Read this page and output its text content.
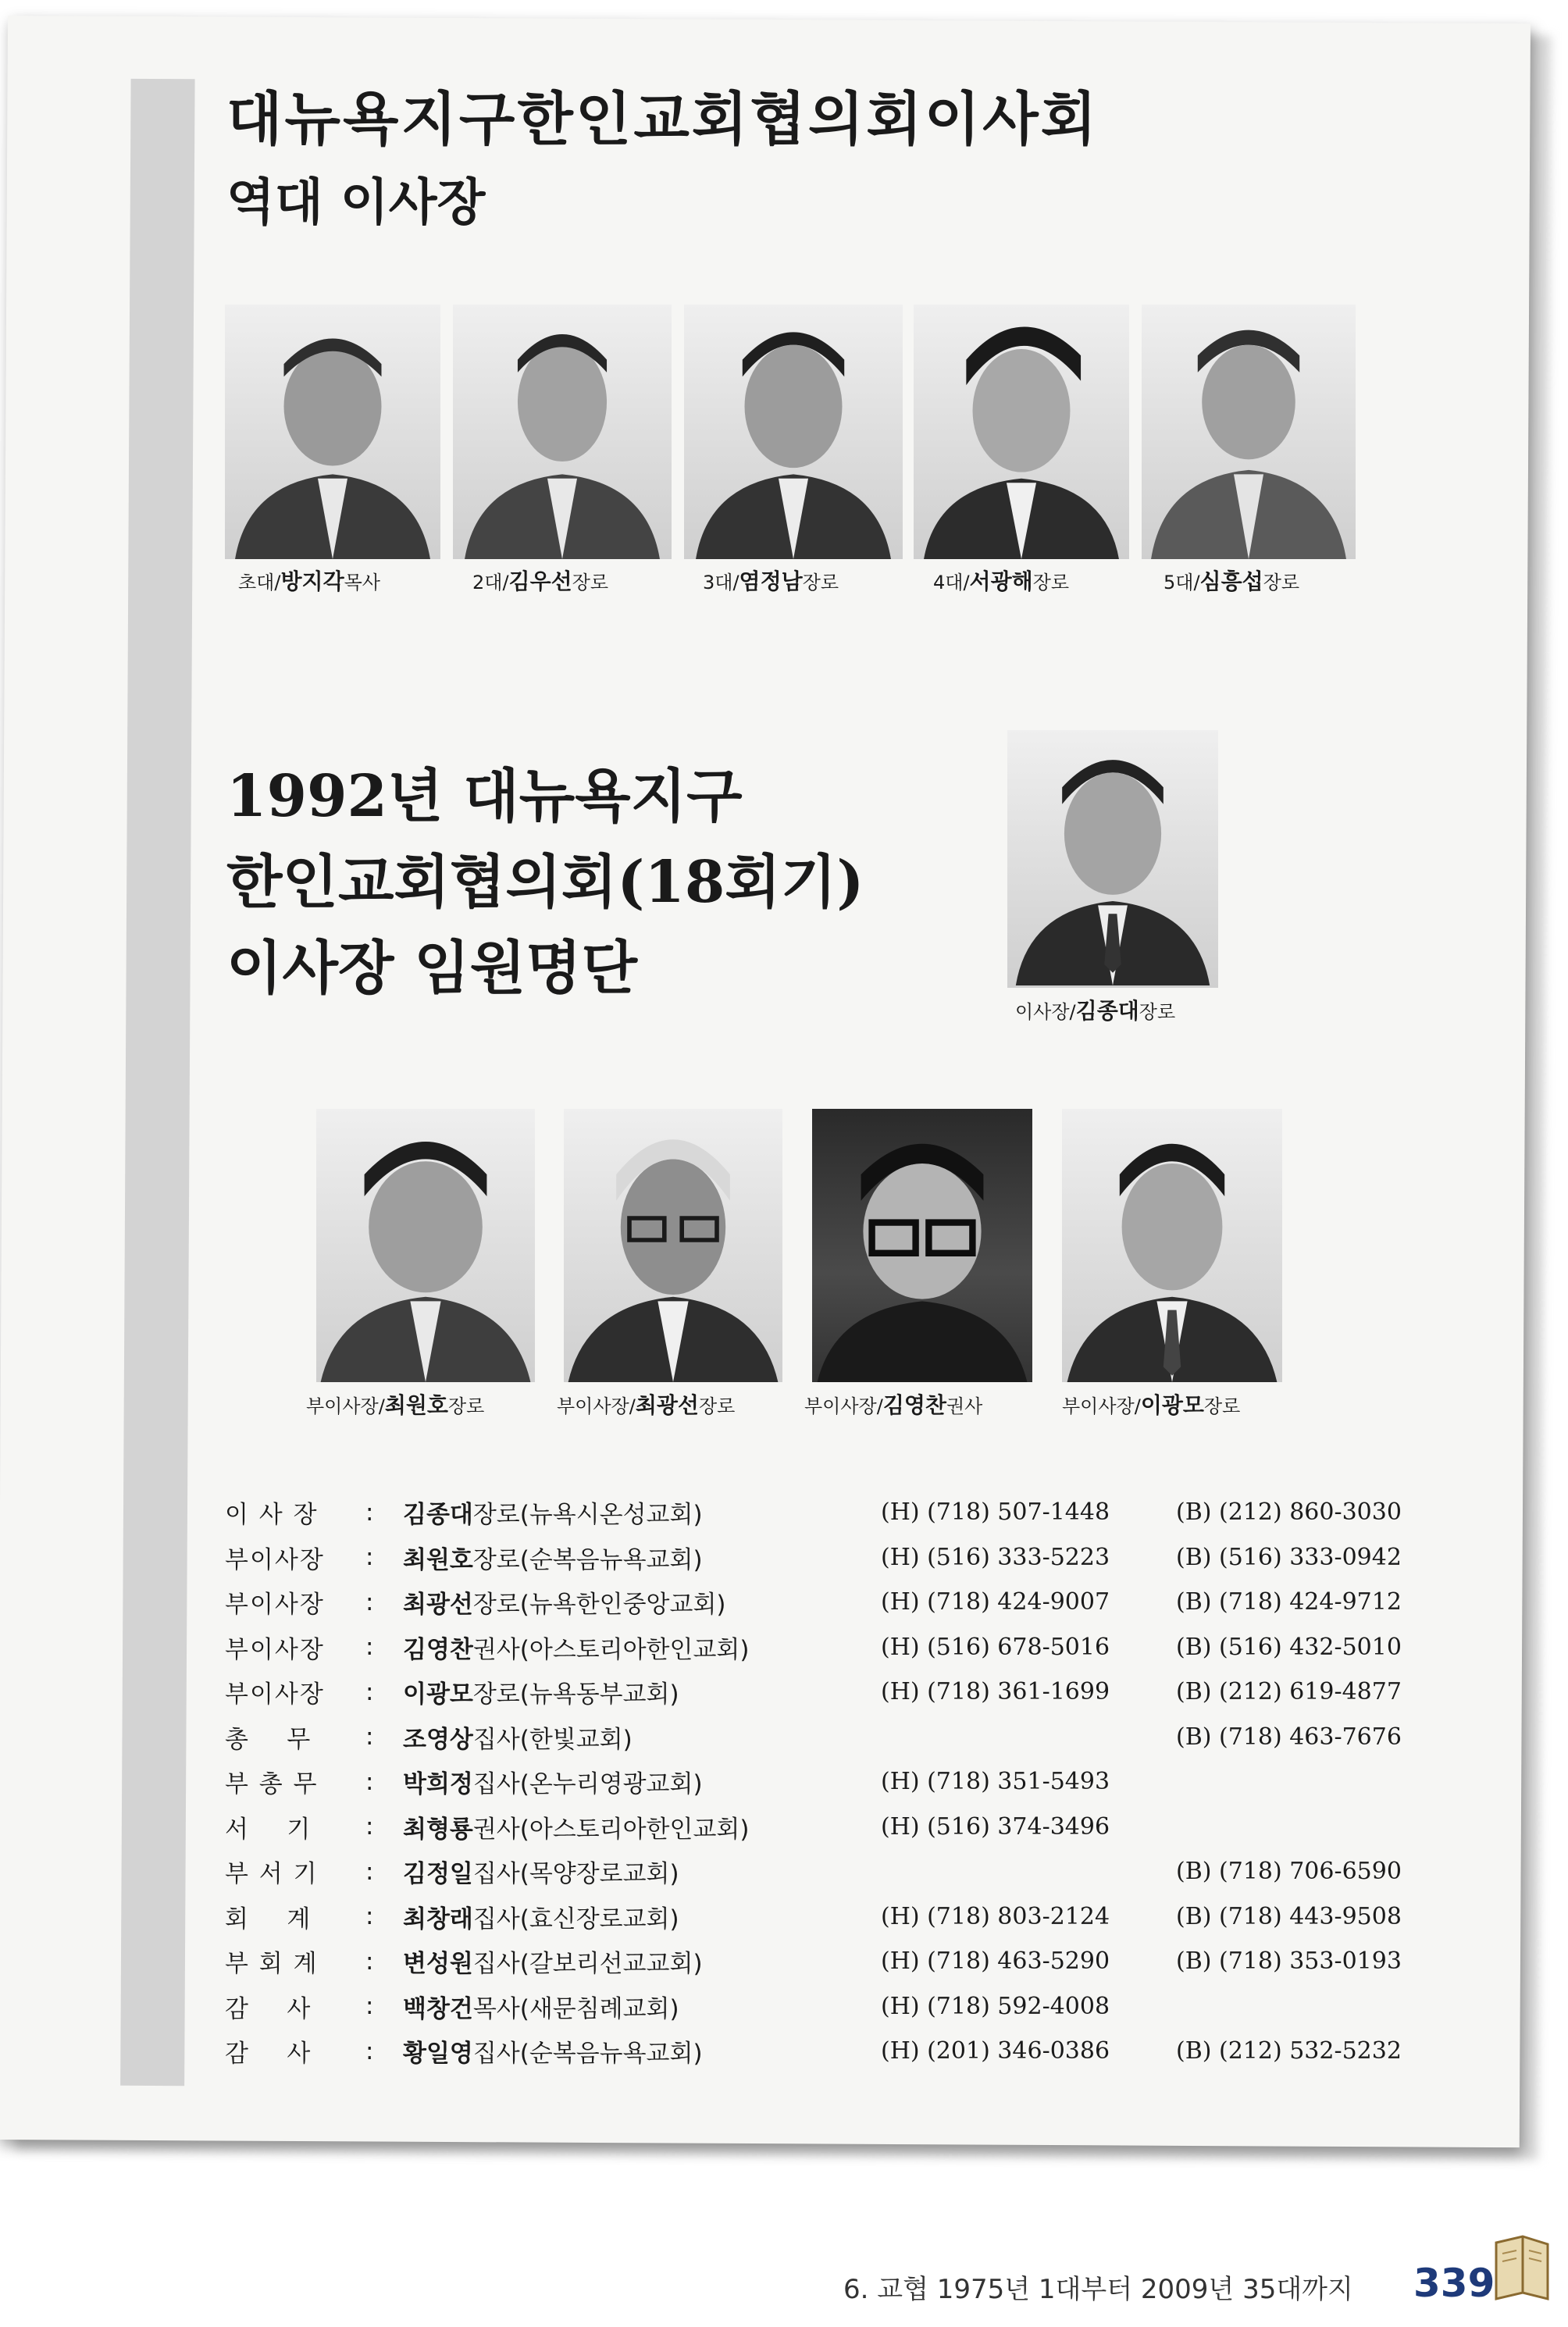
대뉴욕지구한인교회협의회이사회
역대 이사장
초대/방지각목사	2대/김우선장로	3대/염정남장로	4대/서광해장로	5대/심흥섭장로
1992년 대뉴욕지구
한인교회협의회(18회기)
이사장 임원명단
이사장/김종대장로
부이사장/최원호장로	부이사장/최광선장로	부이사장/김영찬권사	부이사장/이광모장로
이 사 장	:	김종대장로(뉴욕시온성교회)	(H) (718) 507-1448	(B) (212) 860-3030
부이사장	:	최원호장로(순복음뉴욕교회)	(H) (516) 333-5223	(B) (516) 333-0942
부이사장	:	최광선장로(뉴욕한인중앙교회)	(H) (718) 424-9007	(B) (718) 424-9712
부이사장	:	김영찬권사(아스토리아한인교회)	(H) (516) 678-5016	(B) (516) 432-5010
부이사장	:	이광모장로(뉴욕동부교회)	(H) (718) 361-1699	(B) (212) 619-4877
총    무	:	조영상집사(한빛교회)		(B) (718) 463-7676
부 총 무	:	박희정집사(온누리영광교회)	(H) (718) 351-5493	
서    기	:	최형룡권사(아스토리아한인교회)	(H) (516) 374-3496	
부 서 기	:	김정일집사(목양장로교회)		(B) (718) 706-6590
회    계	:	최창래집사(효신장로교회)	(H) (718) 803-2124	(B) (718) 443-9508
부 회 계	:	변성원집사(갈보리선교교회)	(H) (718) 463-5290	(B) (718) 353-0193
감    사	:	백창건목사(새문침례교회)	(H) (718) 592-4008	
감    사	:	황일영집사(순복음뉴욕교회)	(H) (201) 346-0386	(B) (212) 532-5232
6. 교협 1975년 1대부터 2009년 35대까지 339
